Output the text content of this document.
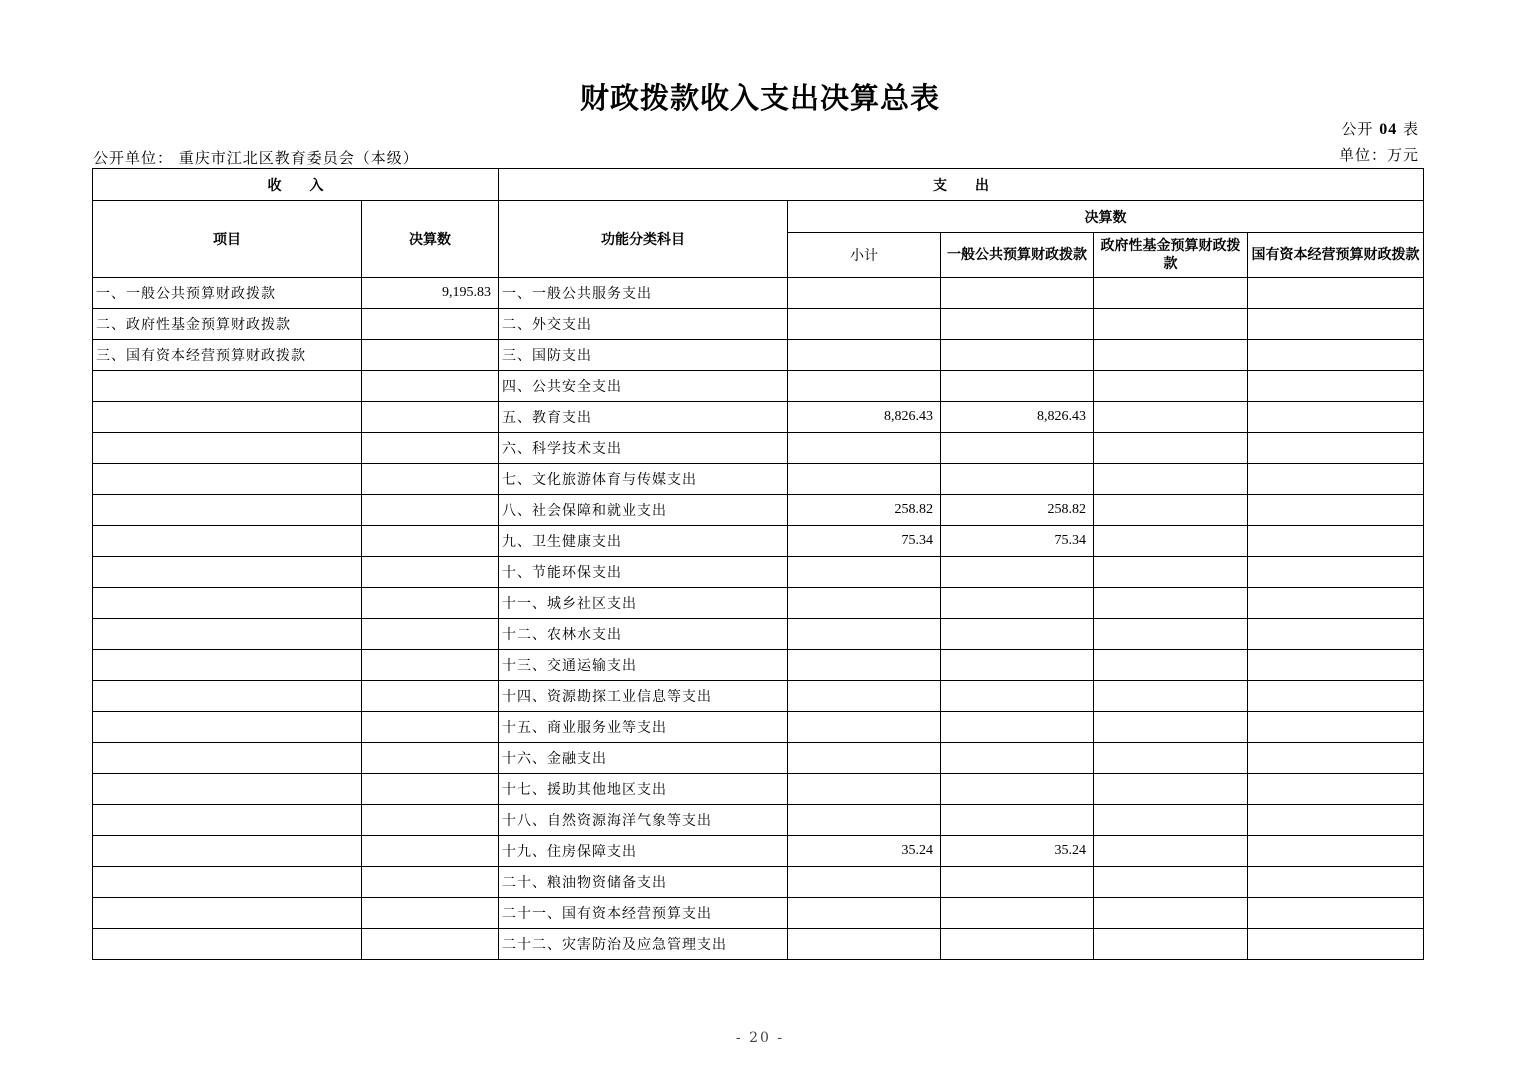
财政拨款收入支出决算总表
公开 04 表
公开单位： 重庆市江北区教育委员会（本级）	单位：万元
收　　入		支　　出				
项目	决算数	功能分类科目	决算数			
			小计	一般公共预算财政拨款	政府性基金预算财政拨款	国有资本经营预算财政拨款
一、一般公共预算财政拨款	9,195.83	一、一般公共服务支出				
二、政府性基金预算财政拨款		二、外交支出				
三、国有资本经营预算财政拨款		三、国防支出				
		四、公共安全支出				
		五、教育支出	8,826.43	8,826.43		
		六、科学技术支出				
		七、文化旅游体育与传媒支出				
		八、社会保障和就业支出	258.82	258.82		
		九、卫生健康支出	75.34	75.34		
		十、节能环保支出				
		十一、城乡社区支出				
		十二、农林水支出				
		十三、交通运输支出				
		十四、资源勘探工业信息等支出				
		十五、商业服务业等支出				
		十六、金融支出				
		十七、援助其他地区支出				
		十八、自然资源海洋气象等支出				
		十九、住房保障支出	35.24	35.24		
		二十、粮油物资储备支出				
		二十一、国有资本经营预算支出				
		二十二、灾害防治及应急管理支出				
- 20 -
